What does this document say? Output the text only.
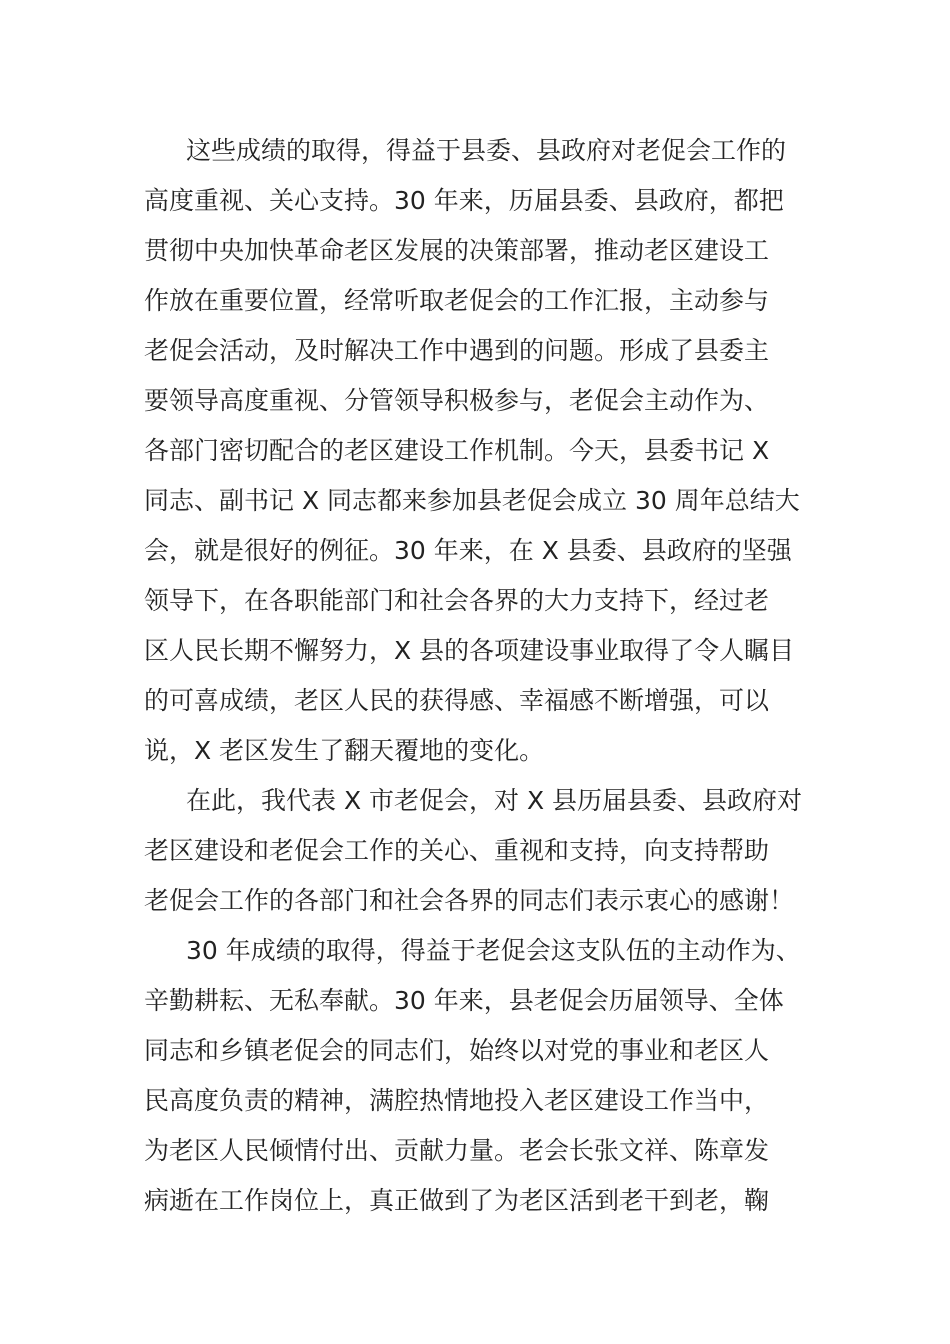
这些成绩的取得，得益于县委、县政府对老促会工作的
高度重视、关心支持。30 年来，历届县委、县政府，都把
贯彻中央加快革命老区发展的决策部署，推动老区建设工
作放在重要位置，经常听取老促会的工作汇报，主动参与
老促会活动，及时解决工作中遇到的问题。形成了县委主
要领导高度重视、分管领导积极参与，老促会主动作为、
各部门密切配合的老区建设工作机制。今天，县委书记 X
同志、副书记 X 同志都来参加县老促会成立 30 周年总结大
会，就是很好的例征。30 年来，在 X 县委、县政府的坚强
领导下，在各职能部门和社会各界的大力支持下，经过老
区人民长期不懈努力，X 县的各项建设事业取得了令人瞩目
的可喜成绩，老区人民的获得感、幸福感不断增强，可以
说，X 老区发生了翻天覆地的变化。
在此，我代表 X 市老促会，对 X 县历届县委、县政府对
老区建设和老促会工作的关心、重视和支持，向支持帮助
老促会工作的各部门和社会各界的同志们表示衷心的感谢！
30 年成绩的取得，得益于老促会这支队伍的主动作为、
辛勤耕耘、无私奉献。30 年来，县老促会历届领导、全体
同志和乡镇老促会的同志们，始终以对党的事业和老区人
民高度负责的精神，满腔热情地投入老区建设工作当中，
为老区人民倾情付出、贡献力量。老会长张文祥、陈章发
病逝在工作岗位上，真正做到了为老区活到老干到老，鞠
